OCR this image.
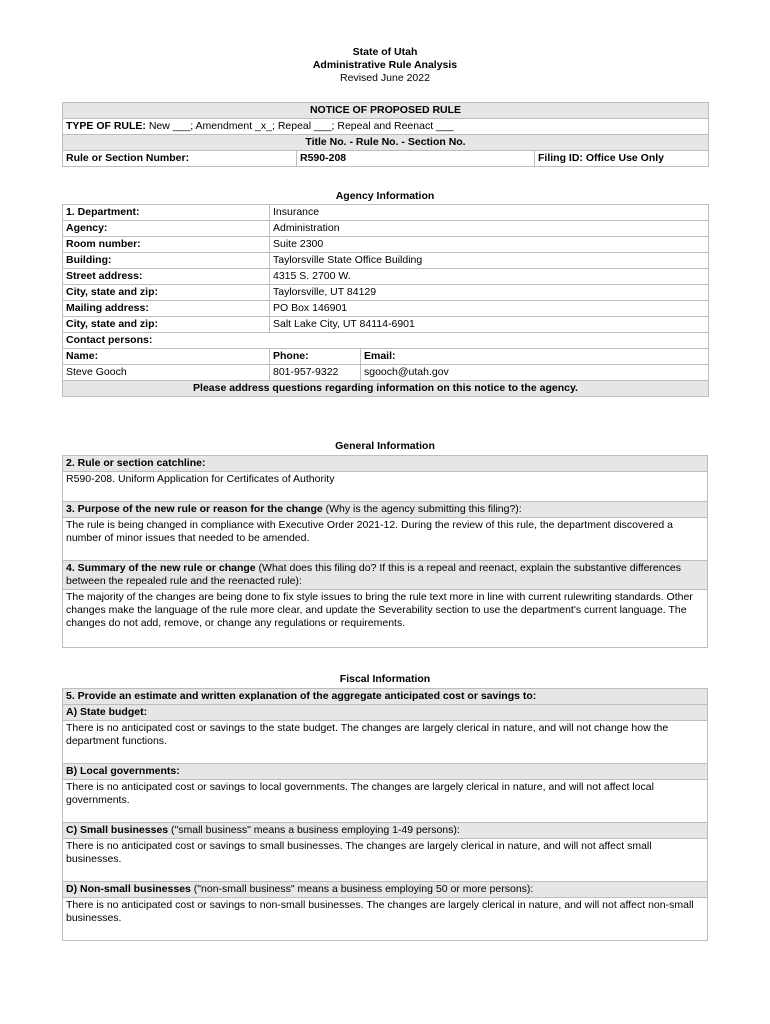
State of Utah
Administrative Rule Analysis
Revised June 2022
NOTICE OF PROPOSED RULE
TYPE OF RULE: New ___; Amendment _x_; Repeal ___; Repeal and Reenact ___
Title No. - Rule No. - Section No.
Rule or Section Number:	R590-208	Filing ID: Office Use Only
Agency Information
1. Department:	Insurance	
Agency:	Administration	
Room number:	Suite 2300	
Building:	Taylorsville State Office Building	
Street address:	4315 S. 2700 W.	
City, state and zip:	Taylorsville, UT 84129	
Mailing address:	PO Box 146901	
City, state and zip:	Salt Lake City, UT 84114-6901	
Contact persons:		
Name:	Phone:	Email:
Steve Gooch	801-957-9322	sgooch@utah.gov
Please address questions regarding information on this notice to the agency.		
General Information
2. Rule or section catchline:
R590-208. Uniform Application for Certificates of Authority
3. Purpose of the new rule or reason for the change (Why is the agency submitting this filing?):
The rule is being changed in compliance with Executive Order 2021-12. During the review of this rule, the department discovered a number of minor issues that needed to be amended.
4. Summary of the new rule or change (What does this filing do? If this is a repeal and reenact, explain the substantive differences between the repealed rule and the reenacted rule):
The majority of the changes are being done to fix style issues to bring the rule text more in line with current rulewriting standards. Other changes make the language of the rule more clear, and update the Severability section to use the department's current language. The changes do not add, remove, or change any regulations or requirements.
Fiscal Information
5. Provide an estimate and written explanation of the aggregate anticipated cost or savings to:
A) State budget:
There is no anticipated cost or savings to the state budget. The changes are largely clerical in nature, and will not change how the department functions.
B) Local governments:
There is no anticipated cost or savings to local governments. The changes are largely clerical in nature, and will not affect local governments.
C) Small businesses ("small business" means a business employing 1-49 persons):
There is no anticipated cost or savings to small businesses. The changes are largely clerical in nature, and will not affect small businesses.
D) Non-small businesses ("non-small business" means a business employing 50 or more persons):
There is no anticipated cost or savings to non-small businesses. The changes are largely clerical in nature, and will not affect non-small businesses.
